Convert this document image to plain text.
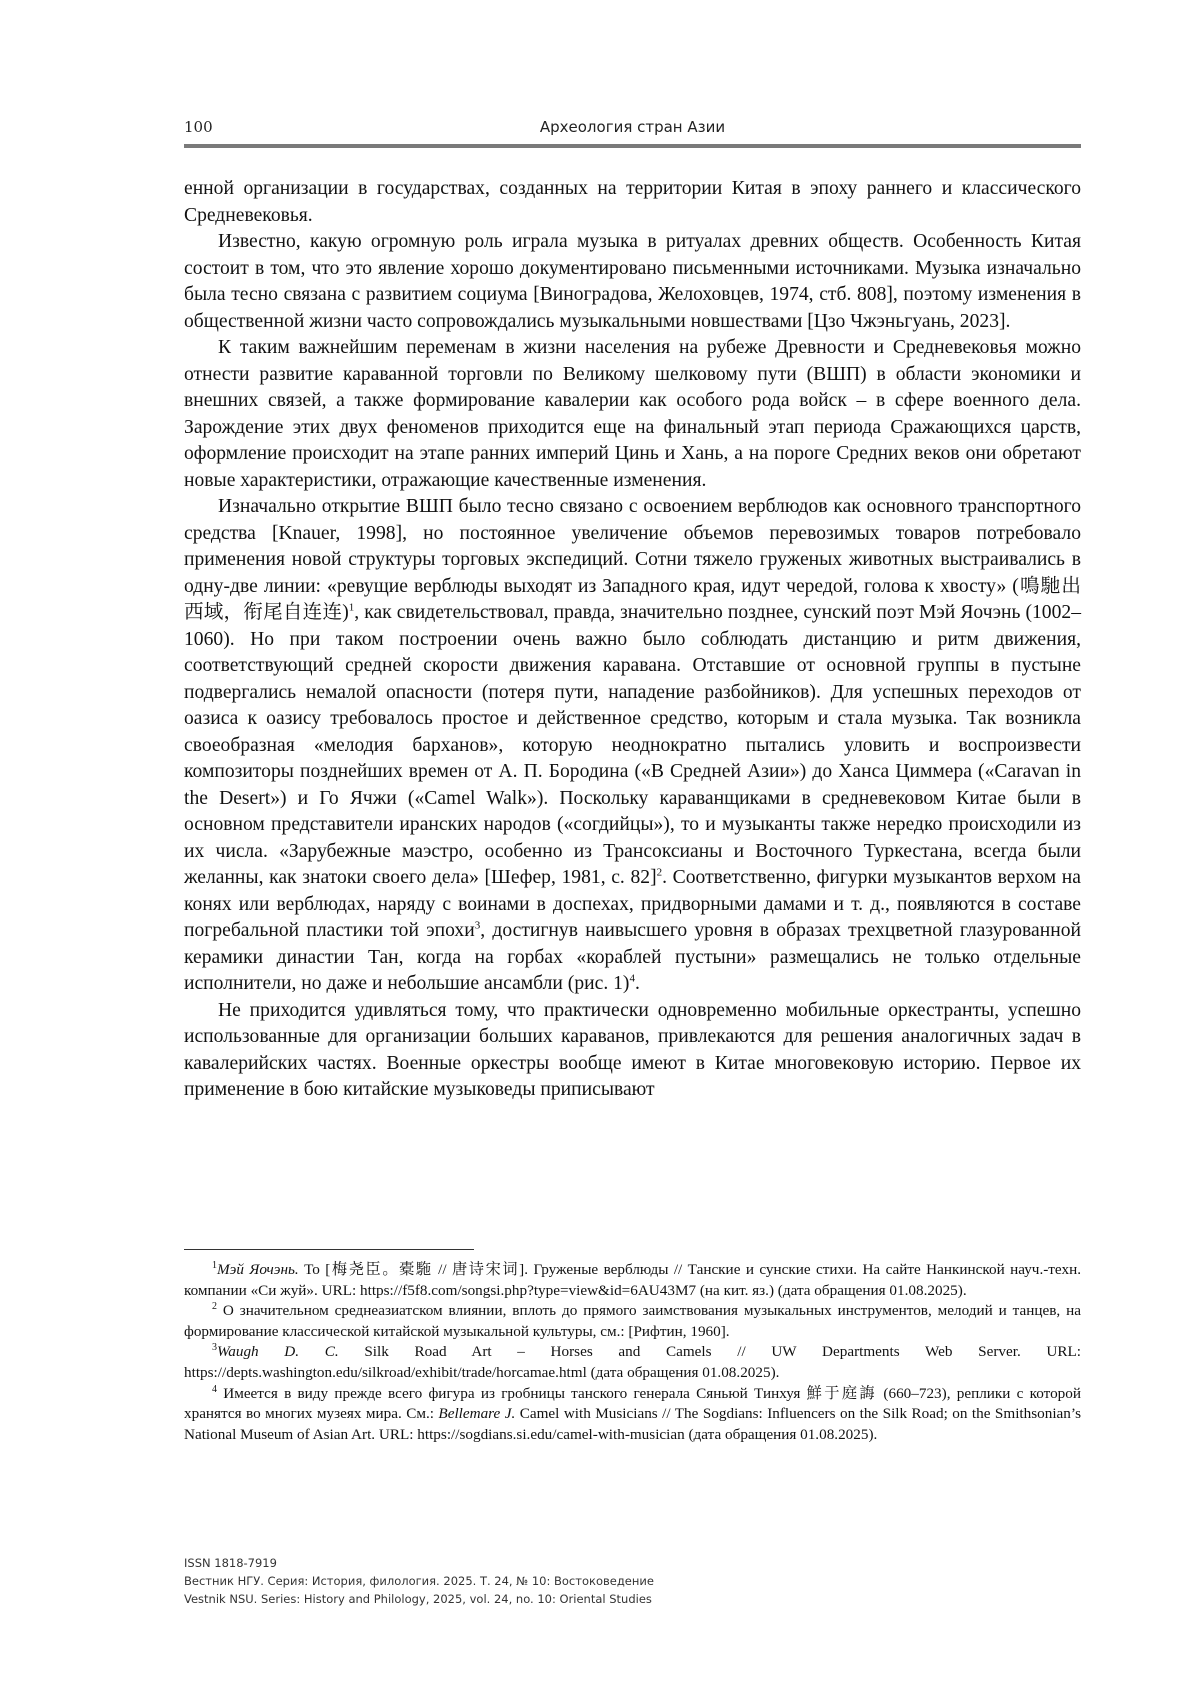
100	Археология стран Азии

енной организации в государствах, созданных на территории Китая в эпоху раннего и классического Средневековья.

Известно, какую огромную роль играла музыка в ритуалах древних обществ. Особенность Китая состоит в том, что это явление хорошо документировано письменными источниками. Музыка изначально была тесно связана с развитием социума [Виноградова, Желоховцев, 1974, стб. 808], поэтому изменения в общественной жизни часто сопровождались музыкальными новшествами [Цзо Чжэньгуань, 2023].

К таким важнейшим переменам в жизни населения на рубеже Древности и Средневековья можно отнести развитие караванной торговли по Великому шелковому пути (ВШП) в области экономики и внешних связей, а также формирование кавалерии как особого рода войск – в сфере военного дела. Зарождение этих двух феноменов приходится еще на финальный этап периода Сражающихся царств, оформление происходит на этапе ранних империй Цинь и Хань, а на пороге Средних веков они обретают новые характеристики, отражающие качественные изменения.

Изначально открытие ВШП было тесно связано с освоением верблюдов как основного транспортного средства [Knauer, 1998], но постоянное увеличение объемов перевозимых товаров потребовало применения новой структуры торговых экспедиций. Сотни тяжело груженых животных выстраивались в одну-две линии: «ревущие верблюды выходят из Западного края, идут чередой, голова к хвосту» (鳴馳出西域，衔尾自连连)$^1$, как свидетельствовал, правда, значительно позднее, сунский поэт Мэй Яочэнь (1002–1060). Но при таком построении очень важно было соблюдать дистанцию и ритм движения, соответствующий средней скорости движения каравана. Отставшие от основной группы в пустыне подвергались немалой опасности (потеря пути, нападение разбойников). Для успешных переходов от оазиса к оазису требовалось простое и действенное средство, которым и стала музыка. Так возникла своеобразная «мелодия барханов», которую неоднократно пытались уловить и воспроизвести композиторы позднейших времен от А. П. Бородина («В Средней Азии») до Ханса Циммера («Caravan in the Desert») и Го Ячжи («Camel Walk»). Поскольку караванщиками в средневековом Китае были в основном представители иранских народов («согдийцы»), то и музыканты также нередко происходили из их числа. «Зарубежные маэстро, особенно из Трансоксианы и Восточного Туркестана, всегда были желанны, как знатоки своего дела» [Шефер, 1981, с. 82]$^2$. Соответственно, фигурки музыкантов верхом на конях или верблюдах, наряду с воинами в доспехах, придворными дамами и т. д., появляются в составе погребальной пластики той эпохи$^3$, достигнув наивысшего уровня в образах трехцветной глазурованной керамики династии Тан, когда на горбах «кораблей пустыни» размещались не только отдельные исполнители, но даже и небольшие ансамбли (рис. 1)$^4$.

Не приходится удивляться тому, что практически одновременно мобильные оркестранты, успешно использованные для организации больших караванов, привлекаются для решения аналогичных задач в кавалерийских частях. Военные оркестры вообще имеют в Китае многовековую историю. Первое их применение в бою китайские музыковеды приписывают

$^1$Мэй Яочэнь. То [梅尧臣。橐駞 // 唐诗宋词]. Груженые верблюды // Танские и сунские стихи. На сайте Нанкинской науч.-техн. компании «Си жуй». URL: https://f5f8.com/songsi.php?type=view&id=6AU43M7 (на кит. яз.) (дата обращения 01.08.2025).

$^2$ О значительном среднеазиатском влиянии, вплоть до прямого заимствования музыкальных инструментов, мелодий и танцев, на формирование классической китайской музыкальной культуры, см.: [Рифтин, 1960].

$^3$Waugh D. C. Silk Road Art – Horses and Camels // UW Departments Web Server. URL: https://depts.washington.edu/silkroad/exhibit/trade/horcamae.html (дата обращения 01.08.2025).

$^4$ Имеется в виду прежде всего фигура из гробницы танского генерала Сяньюй Тинхуя 鮮于庭誨 (660–723), реплики с которой хранятся во многих музеях мира. См.: Bellemare J. Camel with Musicians // The Sogdians: Influencers on the Silk Road; on the Smithsonian’s National Museum of Asian Art. URL: https://sogdians.si.edu/camel-with-musician (дата обращения 01.08.2025).

ISSN 1818-7919
Вестник НГУ. Серия: История, филология. 2025. Т. 24, № 10: Востоковедение
Vestnik NSU. Series: History and Philology, 2025, vol. 24, no. 10: Oriental Studies
